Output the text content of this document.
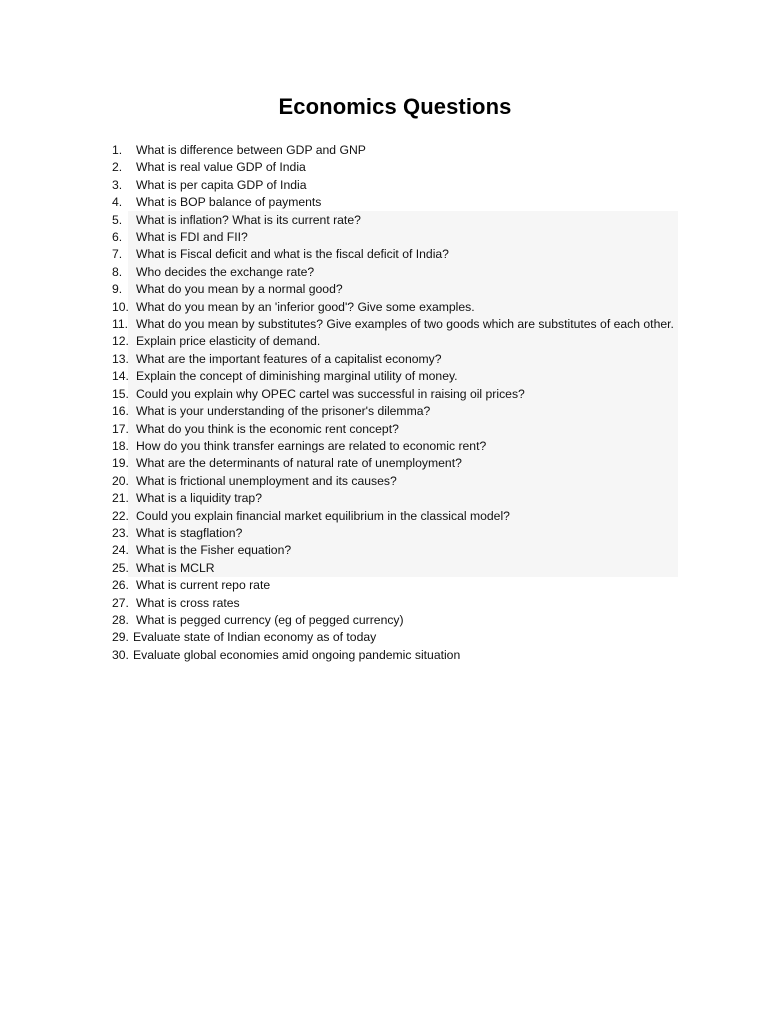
Economics Questions
1.	What is difference between GDP and GNP
2.	What is real value GDP of India
3.	What is per capita GDP of India
4.	What is BOP balance of payments
5.	What is inflation? What is its current rate?
6.	What is FDI and FII?
7.	What is Fiscal deficit and what is the fiscal deficit of India?
8.	Who decides the exchange rate?
9.	What do you mean by a normal good?
10. What do you mean by an 'inferior good'? Give some examples.
11. What do you mean by substitutes? Give examples of two goods which are substitutes of each other.
12. Explain price elasticity of demand.
13. What are the important features of a capitalist economy?
14. Explain the concept of diminishing marginal utility of money.
15. Could you explain why OPEC cartel was successful in raising oil prices?
16. What is your understanding of the prisoner's dilemma?
17. What do you think is the economic rent concept?
18. How do you think transfer earnings are related to economic rent?
19. What are the determinants of natural rate of unemployment?
20. What is frictional unemployment and its causes?
21. What is a liquidity trap?
22. Could you explain financial market equilibrium in the classical model?
23. What is stagflation?
24. What is the Fisher equation?
25. What is MCLR
26. What is current repo rate
27. What is cross rates
28. What is pegged currency (eg of pegged currency)
29. Evaluate state of Indian economy as of today
30. Evaluate global economies amid ongoing pandemic situation
